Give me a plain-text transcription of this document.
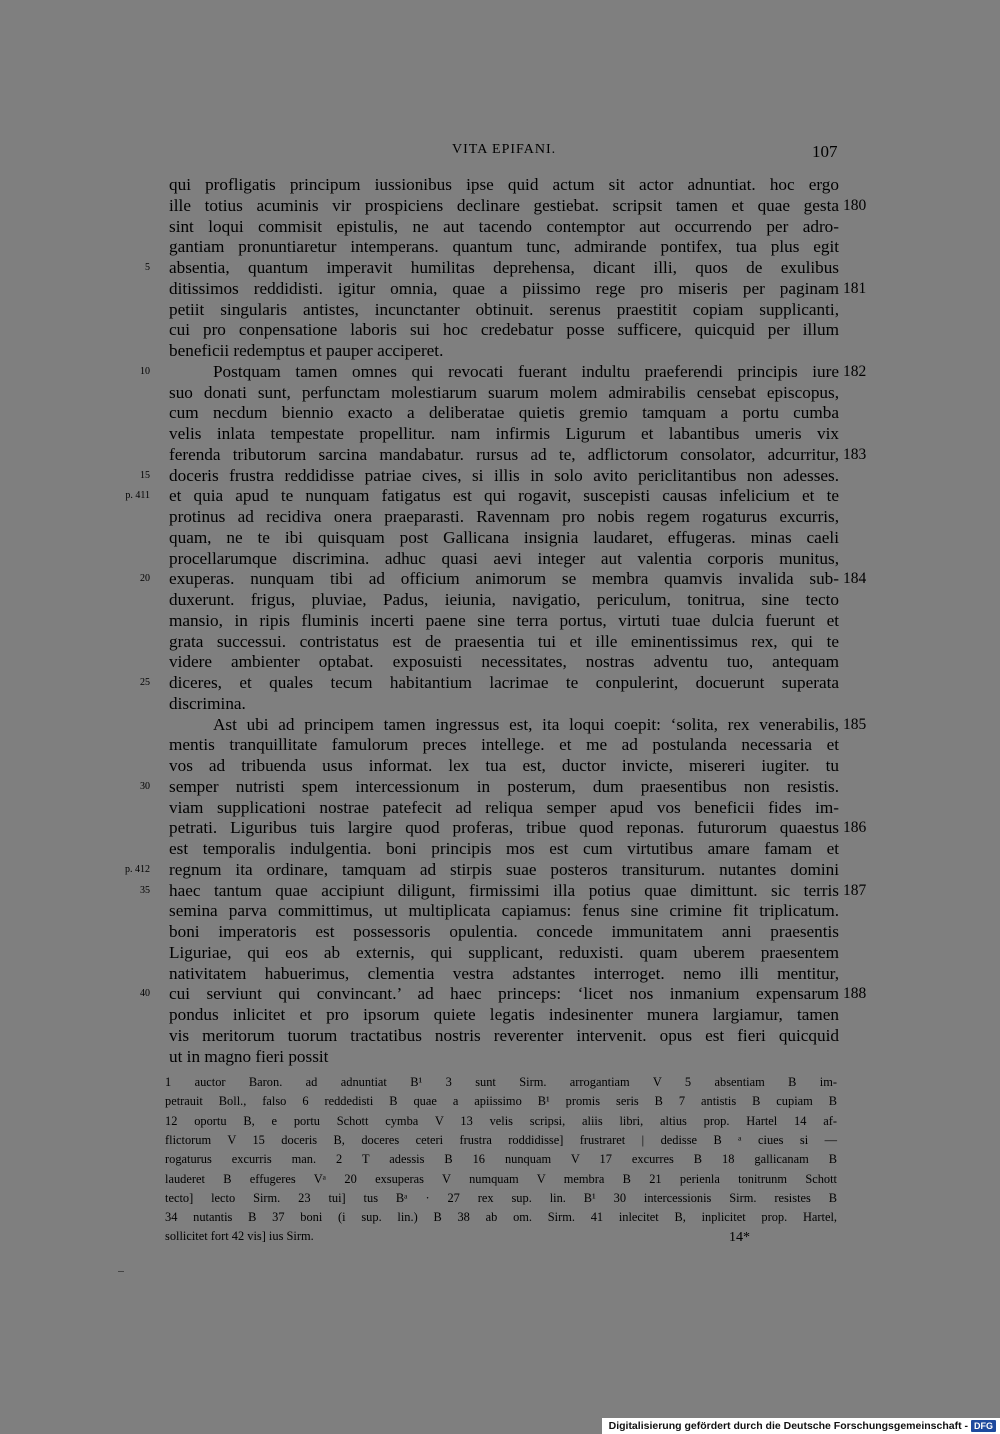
VITA EPIFANI.	107
qui profligatis principum iussionibus ipse quid actum sit actor adnuntiat. hoc ergo
ille totius acuminis vir prospiciens declinare gestiebat. scripsit tamen et quae gesta
sint loqui commisit epistulis, ne aut tacendo contemptor aut occurrendo per adro-
gantiam pronuntiaretur intemperans. quantum tunc, admirande pontifex, tua plus egit
absentia, quantum imperavit humilitas deprehensa, dicant illi, quos de exulibus
ditissimos reddidisti. igitur omnia, quae a piissimo rege pro miseris per paginam
petiit singularis antistes, incunctanter obtinuit. serenus praestitit copiam supplicanti,
cui pro conpensatione laboris sui hoc credebatur posse sufficere, quicquid per illum
beneficii redemptus et pauper acciperet.
Postquam tamen omnes qui revocati fuerant indultu praeferendi principis iure
suo donati sunt, perfunctam molestiarum suarum molem admirabilis censebat episcopus,
cum necdum biennio exacto a deliberatae quietis gremio tamquam a portu cumba
velis inlata tempestate propellitur. nam infirmis Ligurum et labantibus umeris vix
ferenda tributorum sarcina mandabatur. rursus ad te, adflictorum consolator, adcurritur,
doceris frustra reddidisse patriae cives, si illis in solo avito periclitantibus non adesses.
et quia apud te nunquam fatigatus est qui rogavit, suscepisti causas infelicium et te
protinus ad recidiva onera praeparasti. Ravennam pro nobis regem rogaturus excurris,
quam, ne te ibi quisquam post Gallicana insignia laudaret, effugeras. minas caeli
procellarumque discrimina. adhuc quasi aevi integer aut valentia corporis munitus,
exuperas. nunquam tibi ad officium animorum se membra quamvis invalida sub-
duxerunt. frigus, pluviae, Padus, ieiunia, navigatio, periculum, tonitrua, sine tecto
mansio, in ripis fluminis incerti paene sine terra portus, virtuti tuae dulcia fuerunt et
grata successui. contristatus est de praesentia tui et ille eminentissimus rex, qui te
videre ambienter optabat. exposuisti necessitates, nostras adventu tuo, antequam
diceres, et quales tecum habitantium lacrimae te conpulerint, docuerunt superata
discrimina.
Ast ubi ad principem tamen ingressus est, ita loqui coepit: ‘solita, rex venerabilis,
mentis tranquillitate famulorum preces intellege. et me ad postulanda necessaria et
vos ad tribuenda usus informat. lex tua est, ductor invicte, misereri iugiter. tu
semper nutristi spem intercessionum in posterum, dum praesentibus non resistis.
viam supplicationi nostrae patefecit ad reliqua semper apud vos beneficii fides im-
petrati. Liguribus tuis largire quod proferas, tribue quod reponas. futurorum quaestus
est temporalis indulgentia. boni principis mos est cum virtutibus amare famam et
regnum ita ordinare, tamquam ad stirpis suae posteros transiturum. nutantes domini
haec tantum quae accipiunt diligunt, firmissimi illa potius quae dimittunt. sic terris
semina parva committimus, ut multiplicata capiamus: fenus sine crimine fit triplicatum.
boni imperatoris est possessoris opulentia. concede immunitatem anni praesentis
Liguriae, qui eos ab externis, qui supplicant, reduxisti. quam uberem praesentem
nativitatem habuerimus, clementia vestra adstantes interroget. nemo illi mentitur,
cui serviunt qui convincant.’ ad haec princeps: ‘licet nos inmanium expensarum
pondus inlicitet et pro ipsorum quiete legatis indesinenter munera largiamur, tamen
vis meritorum tuorum tractatibus nostris reverenter intervenit. opus est fieri quicquid
ut in magno fieri possit
5
10
15
p. 411
20
25
30
p. 412
35
40
180
181
182
183
184
185
186
187
188
1 auctor Baron. ad adnuntiat B¹ 3 sunt Sirm. arrogantiam V 5 absentiam B im-
petrauit Boll., falso 6 reddedisti B quae a apiissimo B¹ promis seris B 7 antistis B cupiam B
12 oportu B, e portu Schott cymba V 13 velis scripsi, aliis libri, altius prop. Hartel 14 af-
flictorum V 15 doceris B, doceres ceteri frustra roddidisse] frustraret | dedisse B ᵃ ciues si —
rogaturus excurris man. 2 T adessis B 16 nunquam V 17 excurres B 18 gallicanam B
lauderet B effugeres Vᵃ 20 exsuperas V numquam V membra B 21 perienla tonitrunm Schott
tecto] lecto Sirm. 23 tui] tus Bᵃ · 27 rex sup. lin. B¹ 30 intercessionis Sirm. resistes B
34 nutantis B 37 boni (i sup. lin.) B 38 ab om. Sirm. 41 inlecitet B, inplicitet prop. Hartel,
sollicitet fort 42 vis] ius Sirm.	14*
Digitalisierung gefördert durch die Deutsche Forschungsgemeinschaft - DFG
